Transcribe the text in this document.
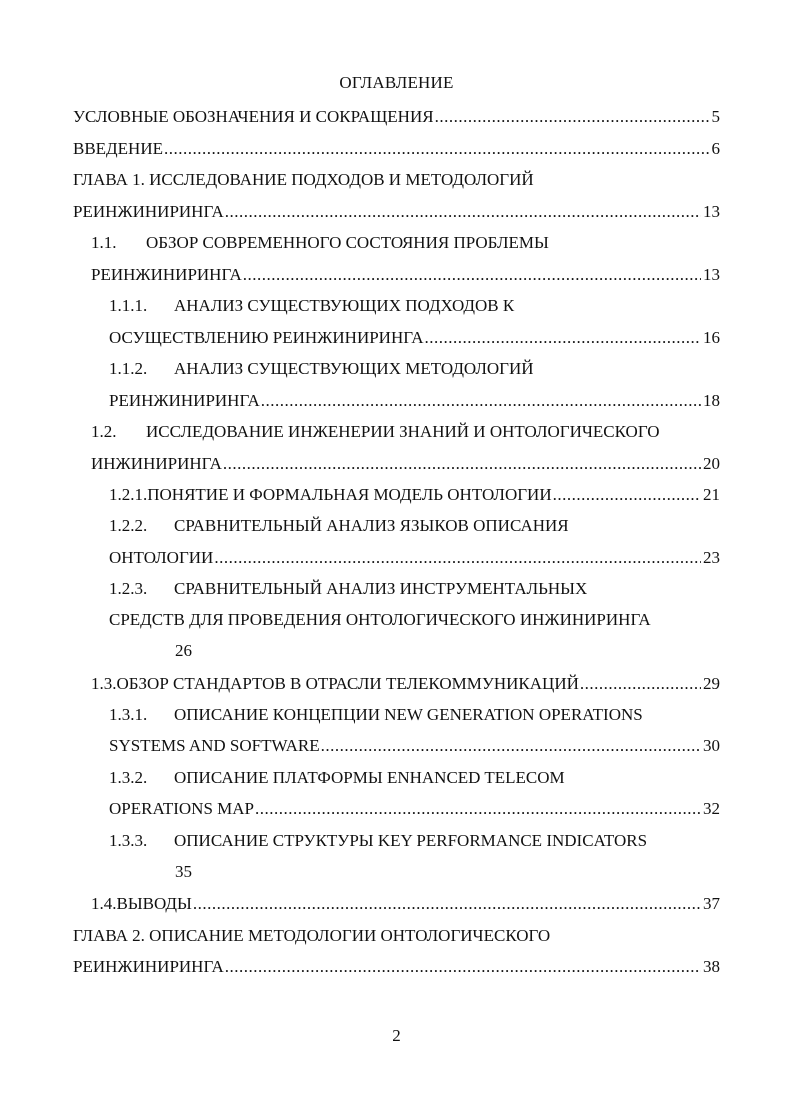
ОГЛАВЛЕНИЕ
УСЛОВНЫЕ ОБОЗНАЧЕНИЯ И СОКРАЩЕНИЯ .....	5
ВВЕДЕНИЕ .....	6
ГЛАВА 1. ИССЛЕДОВАНИЕ ПОДХОДОВ И МЕТОДОЛОГИЙ
РЕИНЖИНИРИНГА .....	13
1.1.	ОБЗОР СОВРЕМЕННОГО СОСТОЯНИЯ ПРОБЛЕМЫ
РЕИНЖИНИРИНГА .....	13
1.1.1.	АНАЛИЗ СУЩЕСТВУЮЩИХ ПОДХОДОВ К
ОСУЩЕСТВЛЕНИЮ РЕИНЖИНИРИНГА .....	16
1.1.2.	АНАЛИЗ СУЩЕСТВУЮЩИХ МЕТОДОЛОГИЙ
РЕИНЖИНИРИНГА .....	18
1.2.	ИССЛЕДОВАНИЕ ИНЖЕНЕРИИ ЗНАНИЙ И ОНТОЛОГИЧЕСКОГО
ИНЖИНИРИНГА .....	20
1.2.1. ПОНЯТИЕ И ФОРМАЛЬНАЯ МОДЕЛЬ ОНТОЛОГИИ .....	21
1.2.2.	СРАВНИТЕЛЬНЫЙ АНАЛИЗ ЯЗЫКОВ ОПИСАНИЯ
ОНТОЛОГИИ .....	23
1.2.3.	СРАВНИТЕЛЬНЫЙ АНАЛИЗ ИНСТРУМЕНТАЛЬНЫХ
СРЕДСТВ ДЛЯ ПРОВЕДЕНИЯ ОНТОЛОГИЧЕСКОГО ИНЖИНИРИНГА
26
1.3. ОБЗОР СТАНДАРТОВ В ОТРАСЛИ ТЕЛЕКОММУНИКАЦИЙ .....	29
1.3.1.	ОПИСАНИЕ КОНЦЕПЦИИ NEW GENERATION OPERATIONS
SYSTEMS AND SOFTWARE .....	30
1.3.2.	ОПИСАНИЕ ПЛАТФОРМЫ ENHANCED TELECOM
OPERATIONS MAP .....	32
1.3.3.	ОПИСАНИЕ СТРУКТУРЫ KEY PERFORMANCE INDICATORS
35
1.4. ВЫВОДЫ .....	37
ГЛАВА 2. ОПИСАНИЕ МЕТОДОЛОГИИ ОНТОЛОГИЧЕСКОГО
РЕИНЖИНИРИНГА .....	38
2
